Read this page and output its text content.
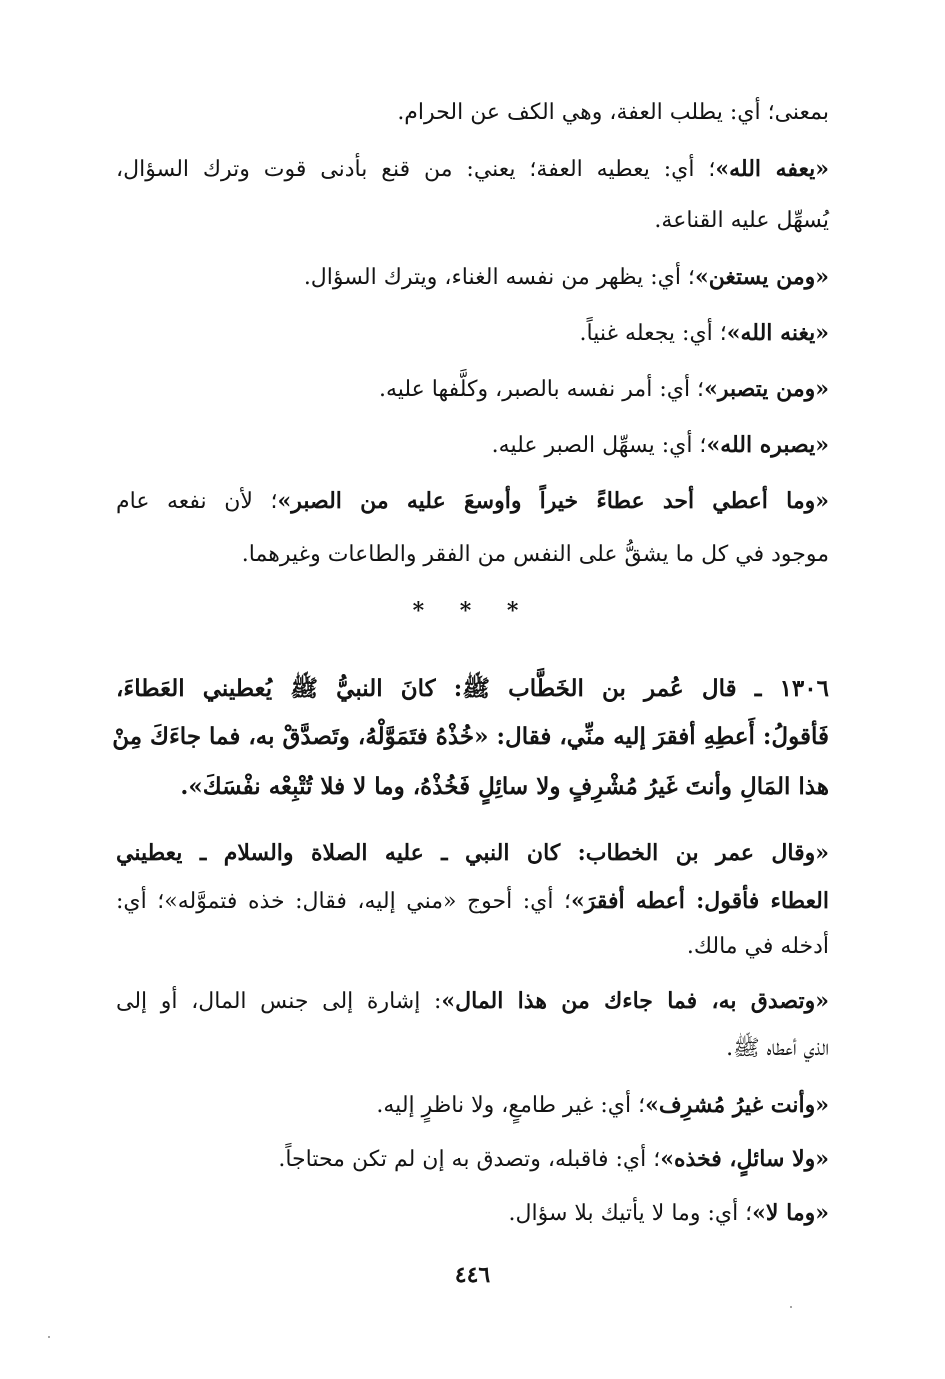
بمعنى؛ أي: يطلب العفة، وهي الكف عن الحرام.
«يعفه الله»؛ أي: يعطيه العفة؛ يعني: من قنع بأدنى قوت وترك السؤال،
يُسهِّل عليه القناعة.
«ومن يستغن»؛ أي: يظهر من نفسه الغناء، ويترك السؤال.
«يغنه الله»؛ أي: يجعله غنياً.
«ومن يتصبر»؛ أي: أمر نفسه بالصبر، وكلَّفها عليه.
«يصبره الله»؛ أي: يسهِّل الصبر عليه.
«وما أعطي أحد عطاءً خيراً وأوسعَ عليه من الصبر»؛ لأن نفعه عام
موجود في كل ما يشقُّ على النفس من الفقر والطاعات وغيرهما.
* * *
١٣٠٦ ـ قال عُمر بن الخَطَّاب ﷺ: كانَ النبيُّ ﷺ يُعطيني العَطاءَ،
فَأقولُ: أَعطِهِ أفقرَ إليه منِّي، فقال: «خُذْهُ فتَمَوَّلْهُ، وتَصدَّقْ به، فما جاءَكَ مِنْ
هذا المَالِ وأنتَ غَيرُ مُشْرِفٍ ولا سائِلٍ فَخُذْهُ، وما لا فلا تُتْبِعْه نفْسَكَ».
«وقال عمر بن الخطاب: كان النبي ـ عليه الصلاة والسلام ـ يعطيني
العطاء فأقول: أعطه أفقرَ»؛ أي: أحوج «مني إليه، فقال: خذه فتموَّله»؛ أي:
أدخله في مالك.
«وتصدق به، فما جاءك من هذا المال»: إشارة إلى جنس المال، أو إلى
الذي أعطاه ﷺ.
«وأنت غيرُ مُشرِف»؛ أي: غير طامعٍ، ولا ناظرٍ إليه.
«ولا سائلٍ، فخذه»؛ أي: فاقبله، وتصدق به إن لم تكن محتاجاً.
«وما لا»؛ أي: وما لا يأتيك بلا سؤال.
٤٤٦
